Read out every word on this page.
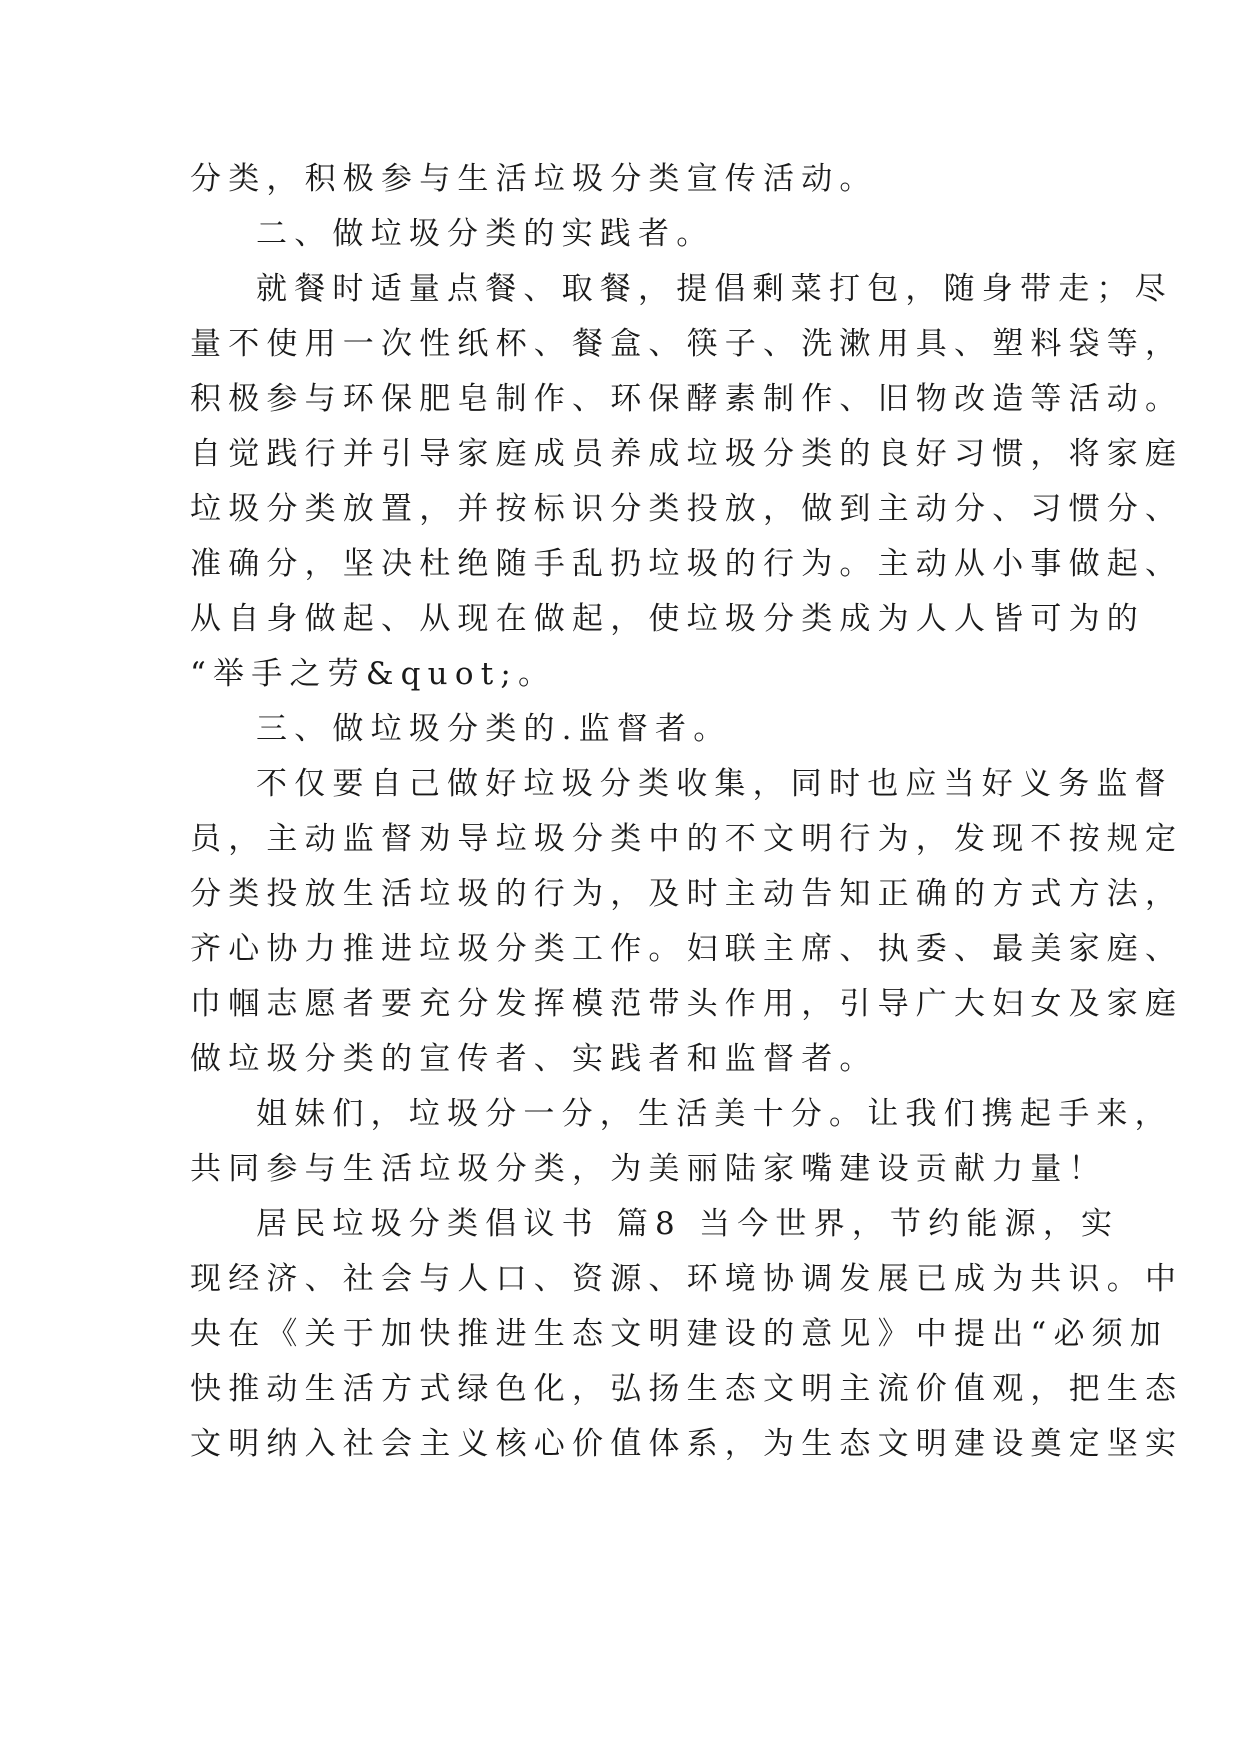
分类，积极参与生活垃圾分类宣传活动。
二、做垃圾分类的实践者。
就餐时适量点餐、取餐，提倡剩菜打包，随身带走；尽
量不使用一次性纸杯、餐盒、筷子、洗漱用具、塑料袋等，
积极参与环保肥皂制作、环保酵素制作、旧物改造等活动。
自觉践行并引导家庭成员养成垃圾分类的良好习惯，将家庭
垃圾分类放置，并按标识分类投放，做到主动分、习惯分、
准确分，坚决杜绝随手乱扔垃圾的行为。主动从小事做起、
从自身做起、从现在做起，使垃圾分类成为人人皆可为的
“举手之劳&quot;。
三、做垃圾分类的.监督者。
不仅要自己做好垃圾分类收集，同时也应当好义务监督
员，主动监督劝导垃圾分类中的不文明行为，发现不按规定
分类投放生活垃圾的行为，及时主动告知正确的方式方法，
齐心协力推进垃圾分类工作。妇联主席、执委、最美家庭、
巾帼志愿者要充分发挥模范带头作用，引导广大妇女及家庭
做垃圾分类的宣传者、实践者和监督者。
姐妹们，垃圾分一分，生活美十分。让我们携起手来，
共同参与生活垃圾分类，为美丽陆家嘴建设贡献力量！
居民垃圾分类倡议书 篇8 当今世界，节约能源，实
现经济、社会与人口、资源、环境协调发展已成为共识。中
央在《关于加快推进生态文明建设的意见》中提出“必须加
快推动生活方式绿色化，弘扬生态文明主流价值观，把生态
文明纳入社会主义核心价值体系，为生态文明建设奠定坚实
